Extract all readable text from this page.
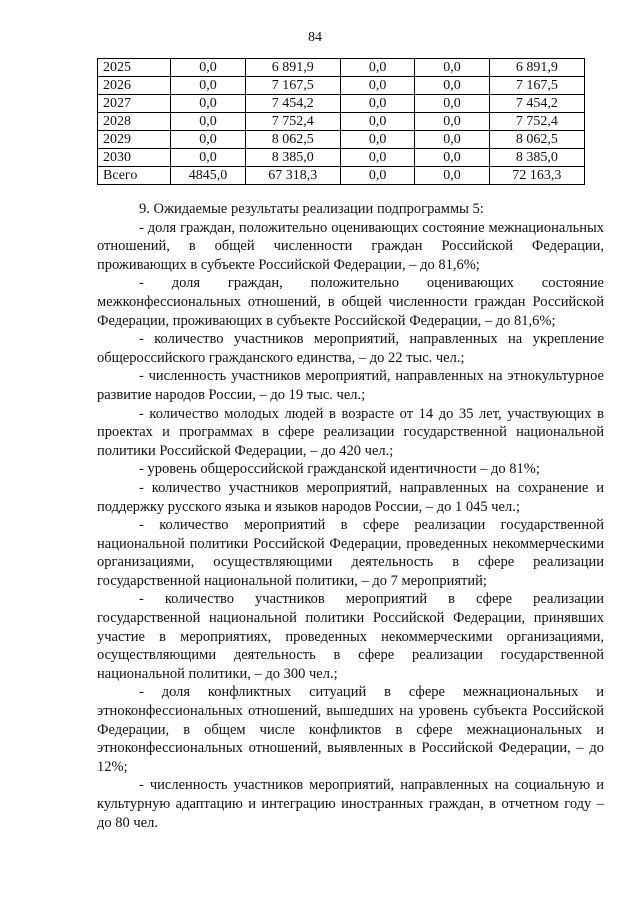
84
2025	0,0	6 891,9	0,0	0,0	6 891,9
2026	0,0	7 167,5	0,0	0,0	7 167,5
2027	0,0	7 454,2	0,0	0,0	7 454,2
2028	0,0	7 752,4	0,0	0,0	7 752,4
2029	0,0	8 062,5	0,0	0,0	8 062,5
2030	0,0	8 385,0	0,0	0,0	8 385,0
Всего	4845,0	67 318,3	0,0	0,0	72 163,3

9. Ожидаемые результаты реализации подпрограммы 5:

- доля граждан, положительно оценивающих состояние межнациональных отношений, в общей численности граждан Российской Федерации, проживающих в субъекте Российской Федерации, – до 81,6%;

- доля граждан, положительно оценивающих состояние межконфессиональных отношений, в общей численности граждан Российской Федерации, проживающих в субъекте Российской Федерации, – до 81,6%;

- количество участников мероприятий, направленных на укрепление общероссийского гражданского единства, – до 22 тыс. чел.;

- численность участников мероприятий, направленных на этнокультурное развитие народов России, – до 19 тыс. чел.;

- количество молодых людей в возрасте от 14 до 35 лет, участвующих в проектах и программах в сфере реализации государственной национальной политики Российской Федерации, – до 420 чел.;

- уровень общероссийской гражданской идентичности – до 81%;

- количество участников мероприятий, направленных на сохранение и поддержку русского языка и языков народов России, – до 1 045 чел.;

- количество мероприятий в сфере реализации государственной национальной политики Российской Федерации, проведенных некоммерческими организациями, осуществляющими деятельность в сфере реализации государственной национальной политики, – до 7 мероприятий;

- количество участников мероприятий в сфере реализации государственной национальной политики Российской Федерации, принявших участие в мероприятиях, проведенных некоммерческими организациями, осуществляющими деятельность в сфере реализации государственной национальной политики, – до 300 чел.;

- доля конфликтных ситуаций в сфере межнациональных и этноконфессиональных отношений, вышедших на уровень субъекта Российской Федерации, в общем числе конфликтов в сфере межнациональных и этноконфессиональных отношений, выявленных в Российской Федерации, – до 12%;

- численность участников мероприятий, направленных на социальную и культурную адаптацию и интеграцию иностранных граждан, в отчетном году – до 80 чел.
